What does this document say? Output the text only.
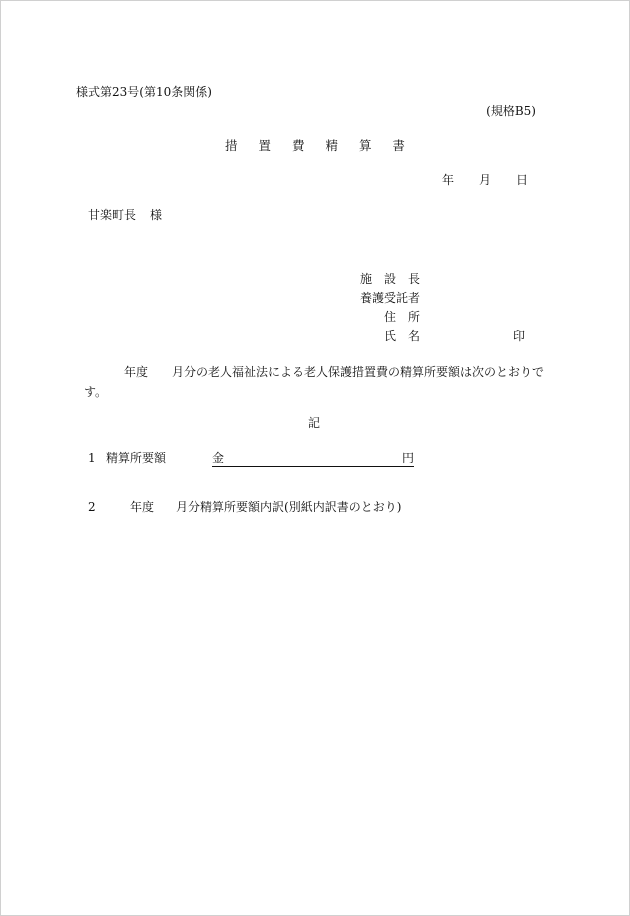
様式第23号(第10条関係)
(規格B5)
措 置 費 精 算 書
年 月 日
甘楽町長 様
施 設 長
養護受託者
住 所
氏 名	印
年度 月分の老人福祉法による老人保護措置費の精算所要額は次のとおりです。
記
1 精算所要額	金	円
2	年度 月分精算所要額内訳(別紙内訳書のとおり)
